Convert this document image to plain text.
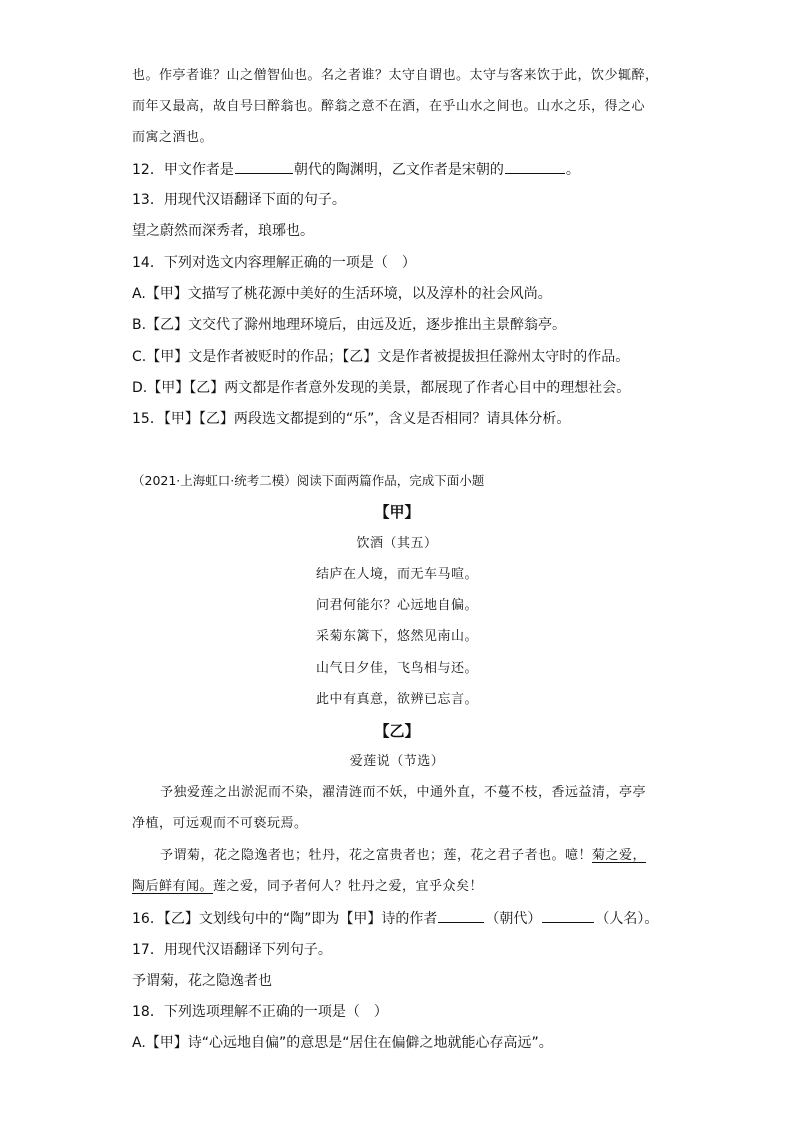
也。作亭者谁？山之僧智仙也。名之者谁？太守自谓也。太守与客来饮于此，饮少辄醉，
而年又最高，故自号曰醉翁也。醉翁之意不在酒，在乎山水之间也。山水之乐，得之心
而寓之酒也。
12．甲文作者是	朝代的陶渊明，乙文作者是宋朝的	。
13．用现代汉语翻译下面的句子。
望之蔚然而深秀者，琅琊也。
14．下列对选文内容理解正确的一项是（　）
A.【甲】文描写了桃花源中美好的生活环境，以及淳朴的社会风尚。
B.【乙】文交代了滁州地理环境后，由远及近，逐步推出主景醉翁亭。
C.【甲】文是作者被贬时的作品；【乙】文是作者被提拔担任滁州太守时的作品。
D.【甲】【乙】两文都是作者意外发现的美景，都展现了作者心目中的理想社会。
15．【甲】【乙】两段选文都提到的“乐”，含义是否相同？请具体分析。
（2021·上海虹口·统考二模）阅读下面两篇作品，完成下面小题
【甲】
饮酒（其五）
结庐在人境，而无车马喧。
问君何能尔？心远地自偏。
采菊东篱下，悠然见南山。
山气日夕佳，飞鸟相与还。
此中有真意，欲辨已忘言。
【乙】
爱莲说（节选）
予独爱莲之出淤泥而不染，濯清涟而不妖，中通外直，不蔓不枝，香远益清，亭亭
净植，可远观而不可亵玩焉。
予谓菊，花之隐逸者也；牡丹，花之富贵者也；莲，花之君子者也。噫！菊之爱，
陶后鲜有闻。莲之爱，同予者何人？牡丹之爱，宜乎众矣！
16．【乙】文划线句中的“陶”即为【甲】诗的作者	（朝代）	（人名）。
17．用现代汉语翻译下列句子。
予谓菊，花之隐逸者也
18．下列选项理解不正确的一项是（　）
A.【甲】诗“心远地自偏”的意思是“居住在偏僻之地就能心存高远”。
